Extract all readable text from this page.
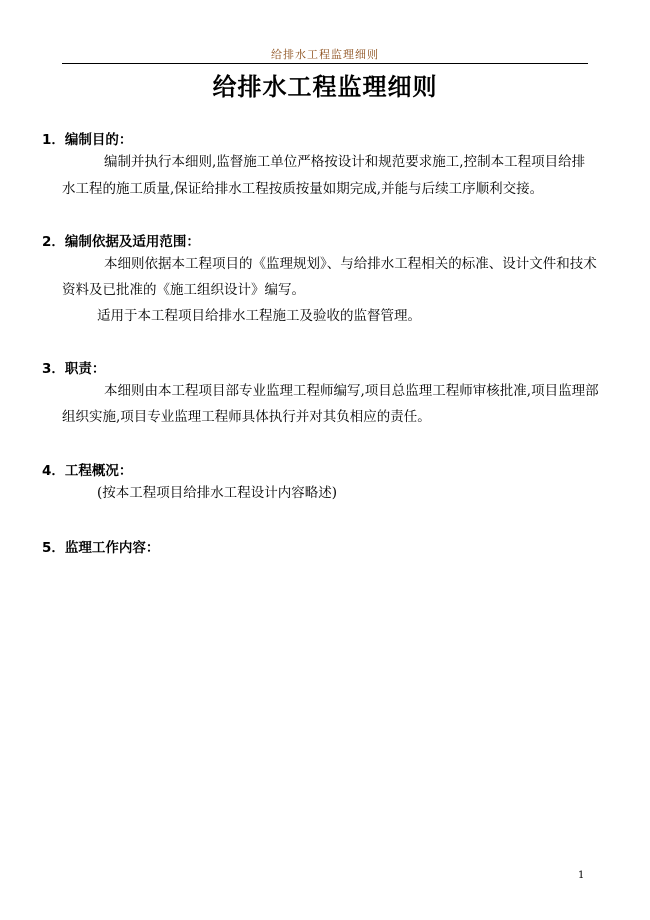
给排水工程监理细则
给排水工程监理细则
1．编制目的：
编制并执行本细则,监督施工单位严格按设计和规范要求施工,控制本工程项目给排
水工程的施工质量,保证给排水工程按质按量如期完成,并能与后续工序顺利交接。
2．编制依据及适用范围：
本细则依据本工程项目的《监理规划》、与给排水工程相关的标准、设计文件和技术
资料及已批准的《施工组织设计》编写。
适用于本工程项目给排水工程施工及验收的监督管理。
3．职责：
本细则由本工程项目部专业监理工程师编写,项目总监理工程师审核批准,项目监理部
组织实施,项目专业监理工程师具体执行并对其负相应的责任。
4．工程概况：
(按本工程项目给排水工程设计内容略述)
5．监理工作内容：
1
